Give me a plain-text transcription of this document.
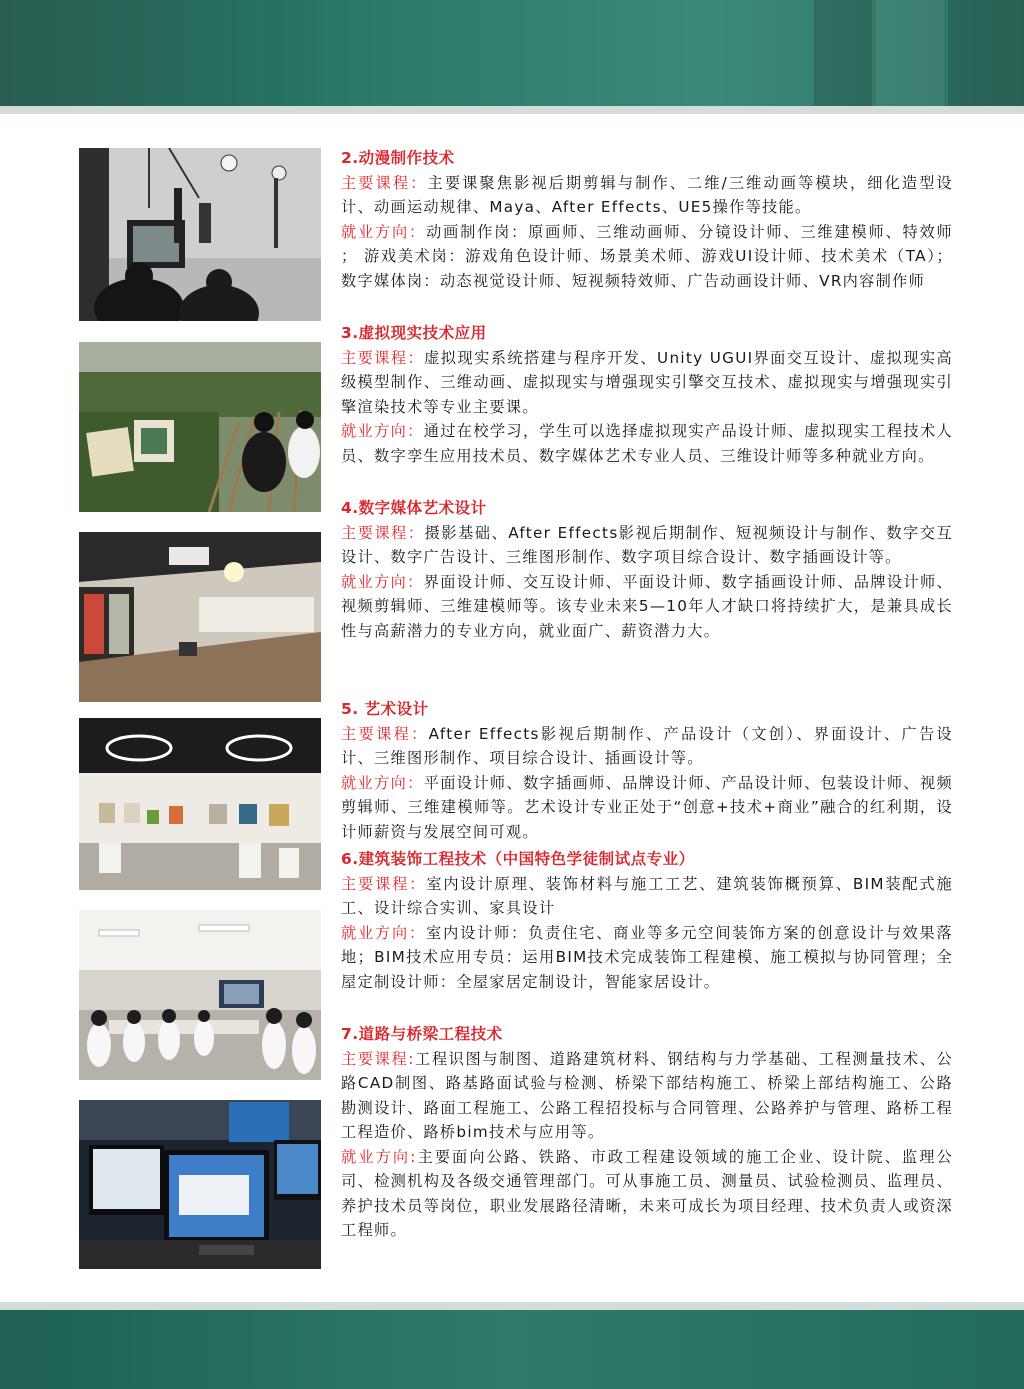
2.动漫制作技术

主要课程：主要课聚焦影视后期剪辑与制作、二维/三维动画等模块，细化造型设计、动画运动规律、Maya、After Effects、UE5操作等技能。

就业方向：动画制作岗：原画师、三维动画师、分镜设计师、三维建模师、特效师 ； 游戏美术岗：游戏角色设计师、场景美术师、游戏UI设计师、技术美术（TA）； 数字媒体岗：动态视觉设计师、短视频特效师、广告动画设计师、VR内容制作师

3.虚拟现实技术应用

主要课程：虚拟现实系统搭建与程序开发、Unity UGUI界面交互设计、虚拟现实高级模型制作、三维动画、虚拟现实与增强现实引擎交互技术、虚拟现实与增强现实引擎渲染技术等专业主要课。

就业方向：通过在校学习，学生可以选择虚拟现实产品设计师、虚拟现实工程技术人员、数字孪生应用技术员、数字媒体艺术专业人员、三维设计师等多种就业方向。

4.数字媒体艺术设计

主要课程：摄影基础、After Effects影视后期制作、短视频设计与制作、数字交互设计、数字广告设计、三维图形制作、数字项目综合设计、数字插画设计等。

就业方向：界面设计师、交互设计师、平面设计师、数字插画设计师、品牌设计师、视频剪辑师、三维建模师等。该专业未来5—10年人才缺口将持续扩大，是兼具成长性与高薪潜力的专业方向，就业面广、薪资潜力大。

5. 艺术设计

主要课程：After Effects影视后期制作、产品设计（文创）、界面设计、广告设计、三维图形制作、项目综合设计、插画设计等。

就业方向：平面设计师、数字插画师、品牌设计师、产品设计师、包装设计师、视频剪辑师、三维建模师等。艺术设计专业正处于“创意+技术+商业”融合的红利期，设计师薪资与发展空间可观。

6.建筑装饰工程技术（中国特色学徒制试点专业）

主要课程：室内设计原理、装饰材料与施工工艺、建筑装饰概预算、BIM装配式施工、设计综合实训、家具设计

就业方向：室内设计师：负责住宅、商业等多元空间装饰方案的创意设计与效果落地；BIM技术应用专员：运用BIM技术完成装饰工程建模、施工模拟与协同管理；全屋定制设计师：全屋家居定制设计，智能家居设计。

7.道路与桥梁工程技术

主要课程:工程识图与制图、道路建筑材料、钢结构与力学基础、工程测量技术、公路CAD制图、路基路面试验与检测、桥梁下部结构施工、桥梁上部结构施工、公路勘测设计、路面工程施工、公路工程招投标与合同管理、公路养护与管理、路桥工程工程造价、路桥bim技术与应用等。

就业方向:主要面向公路、铁路、市政工程建设领域的施工企业、设计院、监理公司、检测机构及各级交通管理部门。可从事施工员、测量员、试验检测员、监理员、养护技术员等岗位，职业发展路径清晰，未来可成长为项目经理、技术负责人或资深工程师。
